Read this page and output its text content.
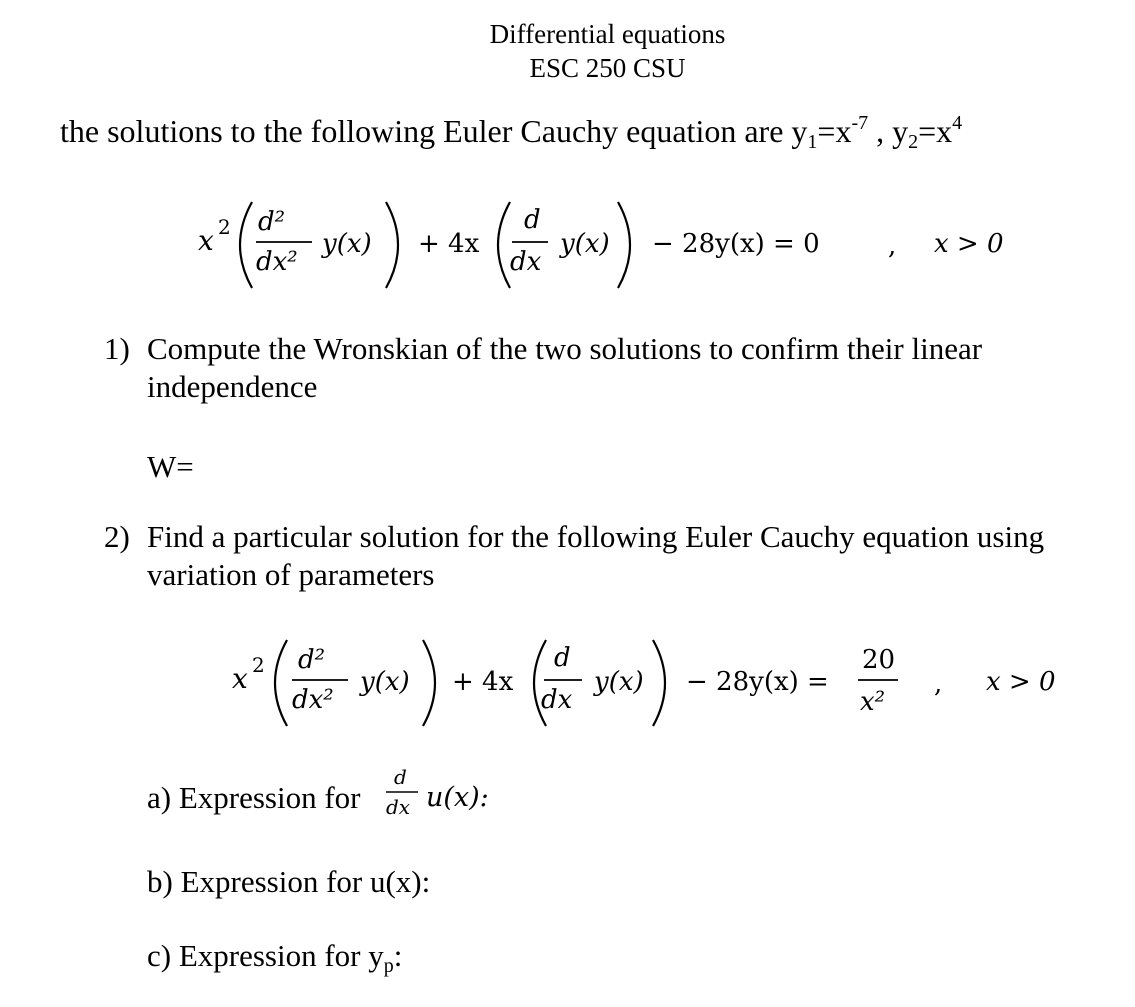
Differential equations
ESC 250 CSU
the solutions to the following Euler Cauchy equation are $y_1=x^{-7}$ , $y_2=x^4$
x 2 d²
dx²
y(x) + 4x
d
dx
y(x) − 28y(x) = 0	, x > 0
1) Compute the Wronskian of the two solutions to confirm their linear independence
W=
2) Find a particular solution for the following Euler Cauchy equation using variation of parameters
x 2 d²
dx²
y(x) + 4x
d
dx
y(x) − 28y(x) =
20
x²
, x > 0
a) Expression for
d
dx u(x):
b) Expression for u(x):
c) Expression for $y_p$:
